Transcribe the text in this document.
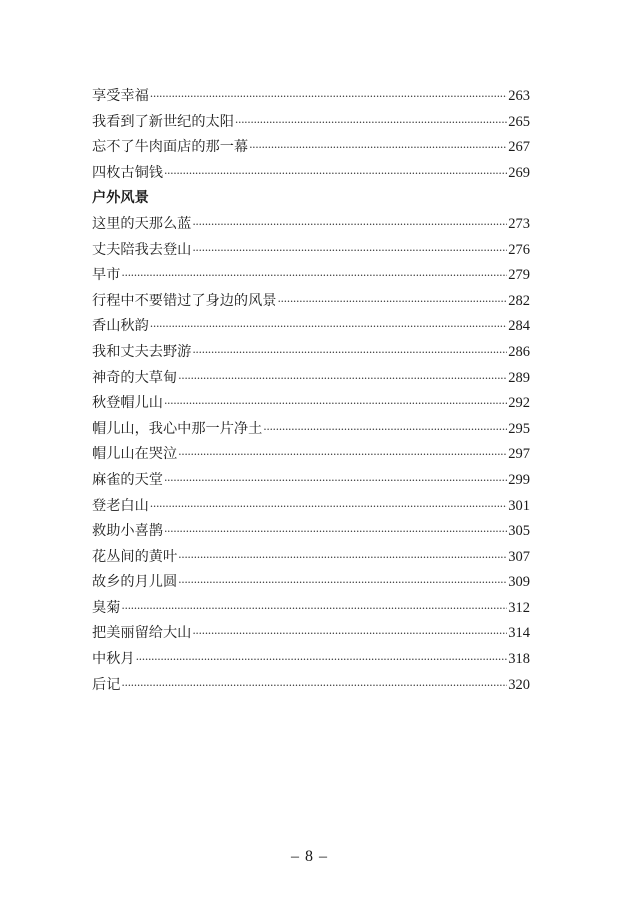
享受幸福 ·····	263
我看到了新世纪的太阳 ·····	265
忘不了牛肉面店的那一幕 ·····	267
四枚古铜钱 ·····	269
户外风景
这里的天那么蓝 ·····	273
丈夫陪我去登山 ·····	276
早市 ·····	279
行程中不要错过了身边的风景 ·····	282
香山秋韵 ·····	284
我和丈夫去野游 ·····	286
神奇的大草甸 ·····	289
秋登帽儿山 ·····	292
帽儿山，我心中那一片净土 ·····	295
帽儿山在哭泣 ·····	297
麻雀的天堂 ·····	299
登老白山 ·····	301
救助小喜鹊 ·····	305
花丛间的黄叶 ·····	307
故乡的月儿圆 ·····	309
臭菊 ·····	312
把美丽留给大山 ·····	314
中秋月 ·····	318
后记 ·····	320
– 8 –
